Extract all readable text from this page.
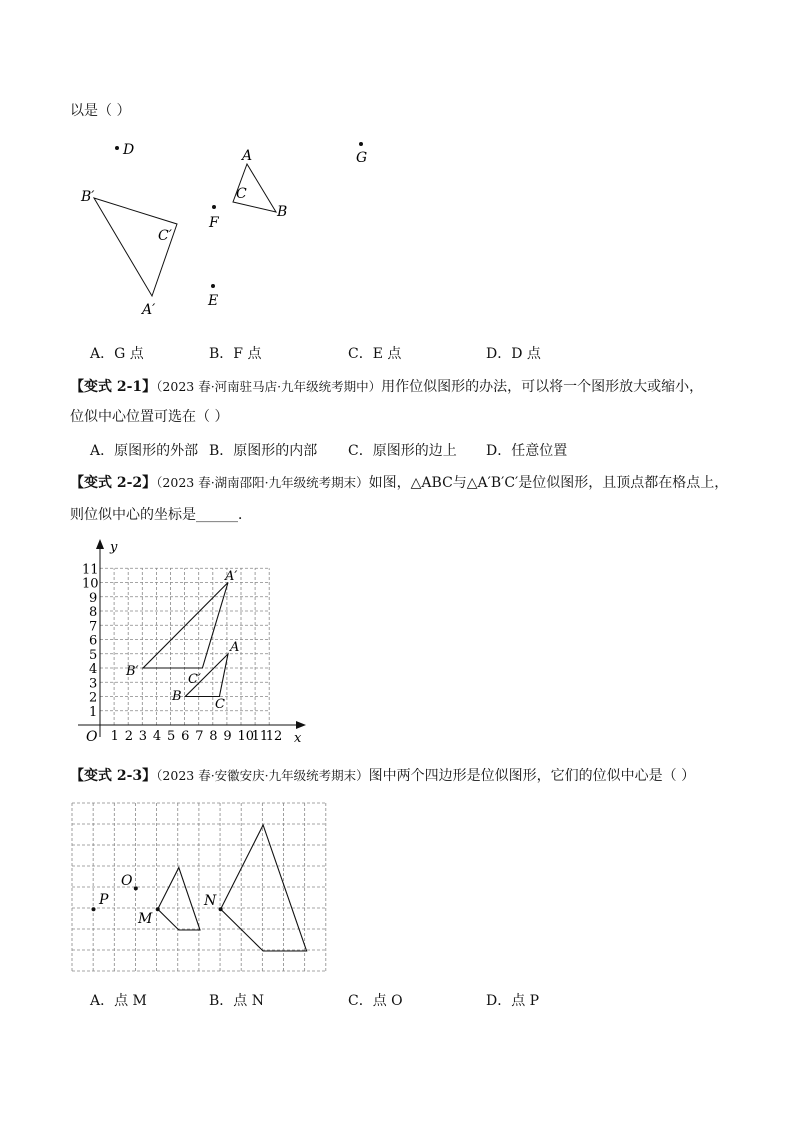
以是（ ）
D	G
A
C
B
B′
C′
A′
F
E
A．G 点	B．F 点	C．E 点	D．D 点
【变式 2-1】（2023 春·河南驻马店·九年级统考期中）用作位似图形的办法，可以将一个图形放大或缩小，
位似中心位置可选在（ ）
A．原图形的外部 B．原图形的内部 C．原图形的边上 D．任意位置
【变式 2-2】（2023 春·湖南邵阳·九年级统考期末）如图，△ABC与△A′B′C′是位似图形，且顶点都在格点上，
则位似中心的坐标是______．
x
y
O 1 2 3 4 5 6 7 8 9 10
11
12
1
2
3
4
5
6
7
8
9
10
11	A′
B′
C′
A
B
C
【变式 2-3】（2023 春·安徽安庆·九年级统考期末）图中两个四边形是位似图形，它们的位似中心是（ ）
P
O
M
N
A．点 M	B．点 N	C．点 O	D．点 P
